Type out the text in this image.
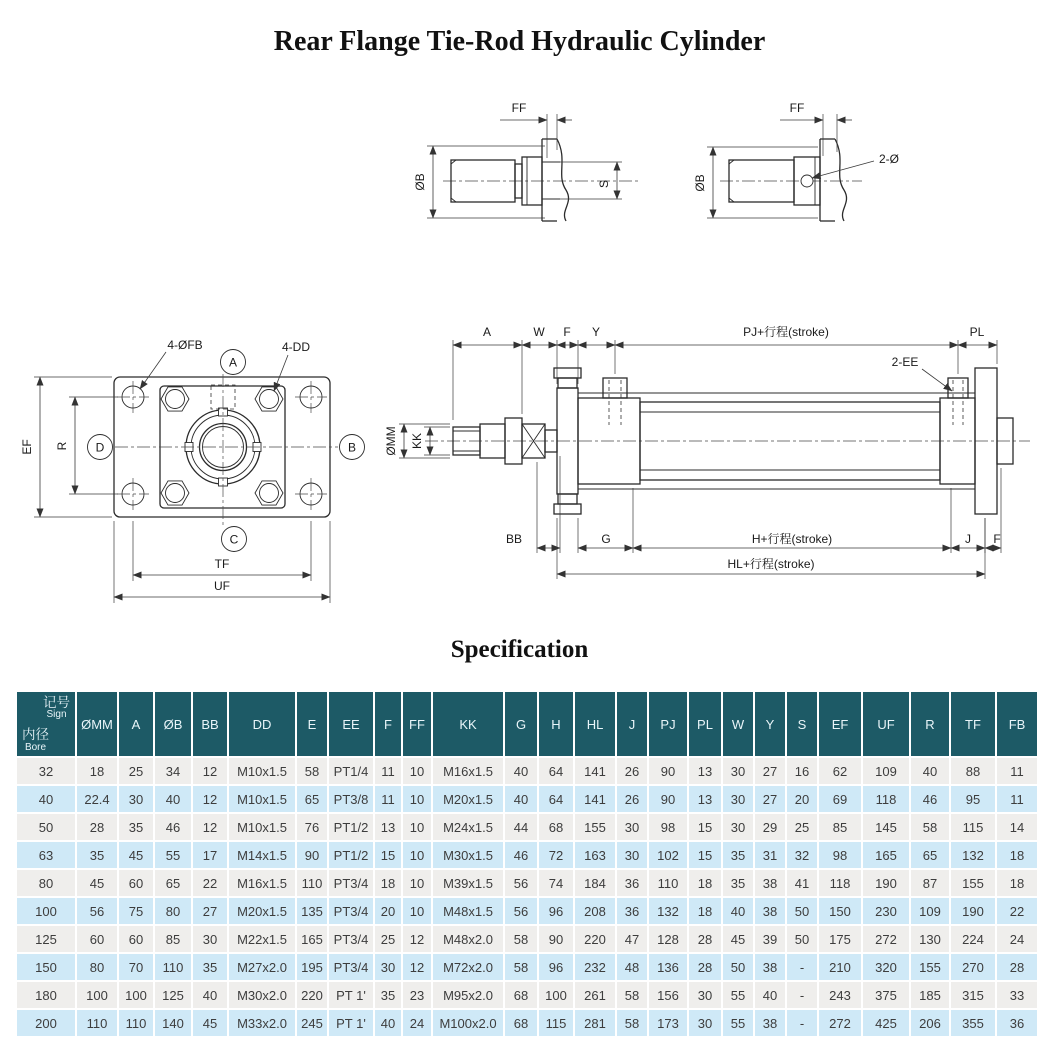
Rear Flange Tie-Rod Hydraulic Cylinder
FF
ØB	S
FF
ØB
2-Ø
A
B
C
D
4-ØFB	4-DD
EF R
TF
UF
2-EE
A	W F Y	PJ+行程(stroke)	PL
ØMM KK
BB	G	H+行程(stroke)	J F
HL+行程(stroke)
Specification
记号
Sign
内径
Bore	ØMM	A	ØB	BB	DD	E	EE	F	FF	KK	G	H	HL	J	PJ	PL	W	Y	S	EF	UF	R	TF	FB
32	18	25	34	12	M10x1.5	58	PT1/4	11	10	M16x1.5	40	64	141	26	90	13	30	27	16	62	109	40	88	11
40	22.4	30	40	12	M10x1.5	65	PT3/8	11	10	M20x1.5	40	64	141	26	90	13	30	27	20	69	118	46	95	11
50	28	35	46	12	M10x1.5	76	PT1/2	13	10	M24x1.5	44	68	155	30	98	15	30	29	25	85	145	58	115	14
63	35	45	55	17	M14x1.5	90	PT1/2	15	10	M30x1.5	46	72	163	30	102	15	35	31	32	98	165	65	132	18
80	45	60	65	22	M16x1.5	110	PT3/4	18	10	M39x1.5	56	74	184	36	110	18	35	38	41	118	190	87	155	18
100	56	75	80	27	M20x1.5	135	PT3/4	20	10	M48x1.5	56	96	208	36	132	18	40	38	50	150	230	109	190	22
125	60	60	85	30	M22x1.5	165	PT3/4	25	12	M48x2.0	58	90	220	47	128	28	45	39	50	175	272	130	224	24
150	80	70	110	35	M27x2.0	195	PT3/4	30	12	M72x2.0	58	96	232	48	136	28	50	38	-	210	320	155	270	28
180	100	100	125	40	M30x2.0	220	PT 1'	35	23	M95x2.0	68	100	261	58	156	30	55	40	-	243	375	185	315	33
200	110	110	140	45	M33x2.0	245	PT 1'	40	24	M100x2.0	68	115	281	58	173	30	55	38	-	272	425	206	355	36
